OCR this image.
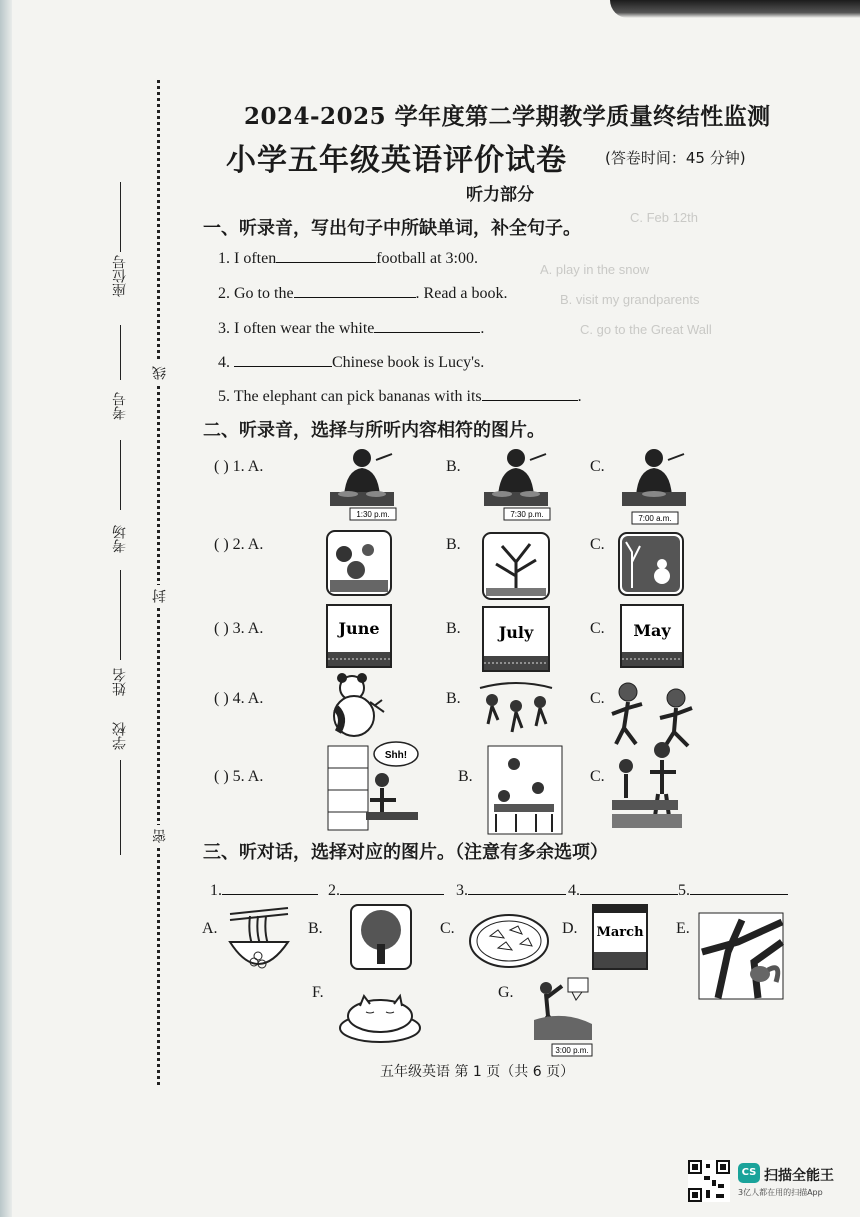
C. Feb 12th
A. play in the snow
B. visit my grandparents
C. go to the Great Wall
座位号
考号
线
考场
封
姓名
学校
密
2024-2025 学年度第二学期教学质量终结性监测
小学五年级英语评价试卷	(答卷时间：45 分钟)
听力部分
一、听录音，写出句子中所缺单词，补全句子。
1. I often	football at 3:00.
2. Go to the	. Read a book.
3. I often wear the white	.
4.	Chinese book is Lucy's.
5. The elephant can pick bananas with its	.
二、听录音，选择与所听内容相符的图片。
( ) 1. A.	B.	C.
1:30 p.m.	7:30 p.m.	7:00 a.m.
( ) 2. A.	B.	C.
( ) 3. A.	B.	C.
June	July	May
( ) 4. A.	B.	C.
( ) 5. A.	B.	C.
Shh!
三、听对话，选择对应的图片。（注意有多余选项）
1.	2.	3.	4.	5.
A.	B.	C.	D. March E.
F.	G.
3:00 p.m.
五年级英语 第 1 页（共 6 页）
CS 扫描全能王
3亿人都在用的扫描App
